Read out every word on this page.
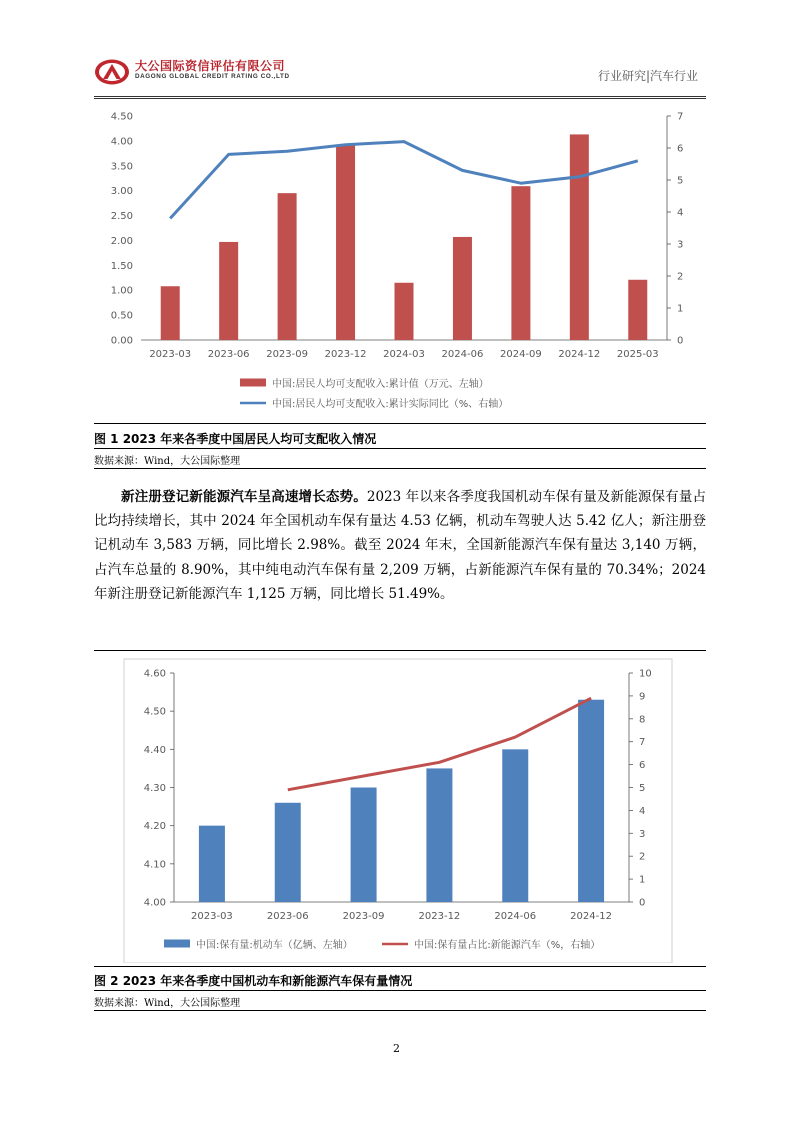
大公国际资信评估有限公司
DAGONG GLOBAL CREDIT RATING CO.,LTD	行业研究|汽车行业
0.00
0.50
1.00
1.50
2.00
2.50
3.00
3.50
4.00
4.50
0
1
2
3
4
5
6
7
2023-03 2023-06 2023-09 2023-12 2024-03 2024-06 2024-09 2024-12 2025-03
中国:居民人均可支配收入:累计值（万元、左轴）
中国:居民人均可支配收入:累计实际同比（%、右轴）
图 1 2023 年来各季度中国居民人均可支配收入情况
数据来源：Wind，大公国际整理

新注册登记新能源汽车呈高速增长态势。2023 年以来各季度我国机动车保有量及新能源保有量占比均持续增长，其中 2024 年全国机动车保有量达 4.53 亿辆，机动车驾驶人达 5.42 亿人；新注册登记机动车 3,583 万辆，同比增长 2.98%。截至 2024 年末，全国新能源汽车保有量达 3,140 万辆，占汽车总量的 8.90%，其中纯电动汽车保有量 2,209 万辆，占新能源汽车保有量的 70.34%；2024 年新注册登记新能源汽车 1,125 万辆，同比增长 51.49%。

4.00
4.10
4.20
4.30
4.40
4.50
4.60
0
1
2
3
4
5
6
7
8
9
10
2023-03	2023-06	2023-09	2023-12	2024-06	2024-12
中国:保有量:机动车（亿辆、左轴）	中国:保有量占比:新能源汽车（%，右轴）
图 2 2023 年来各季度中国机动车和新能源汽车保有量情况
数据来源：Wind，大公国际整理
2
